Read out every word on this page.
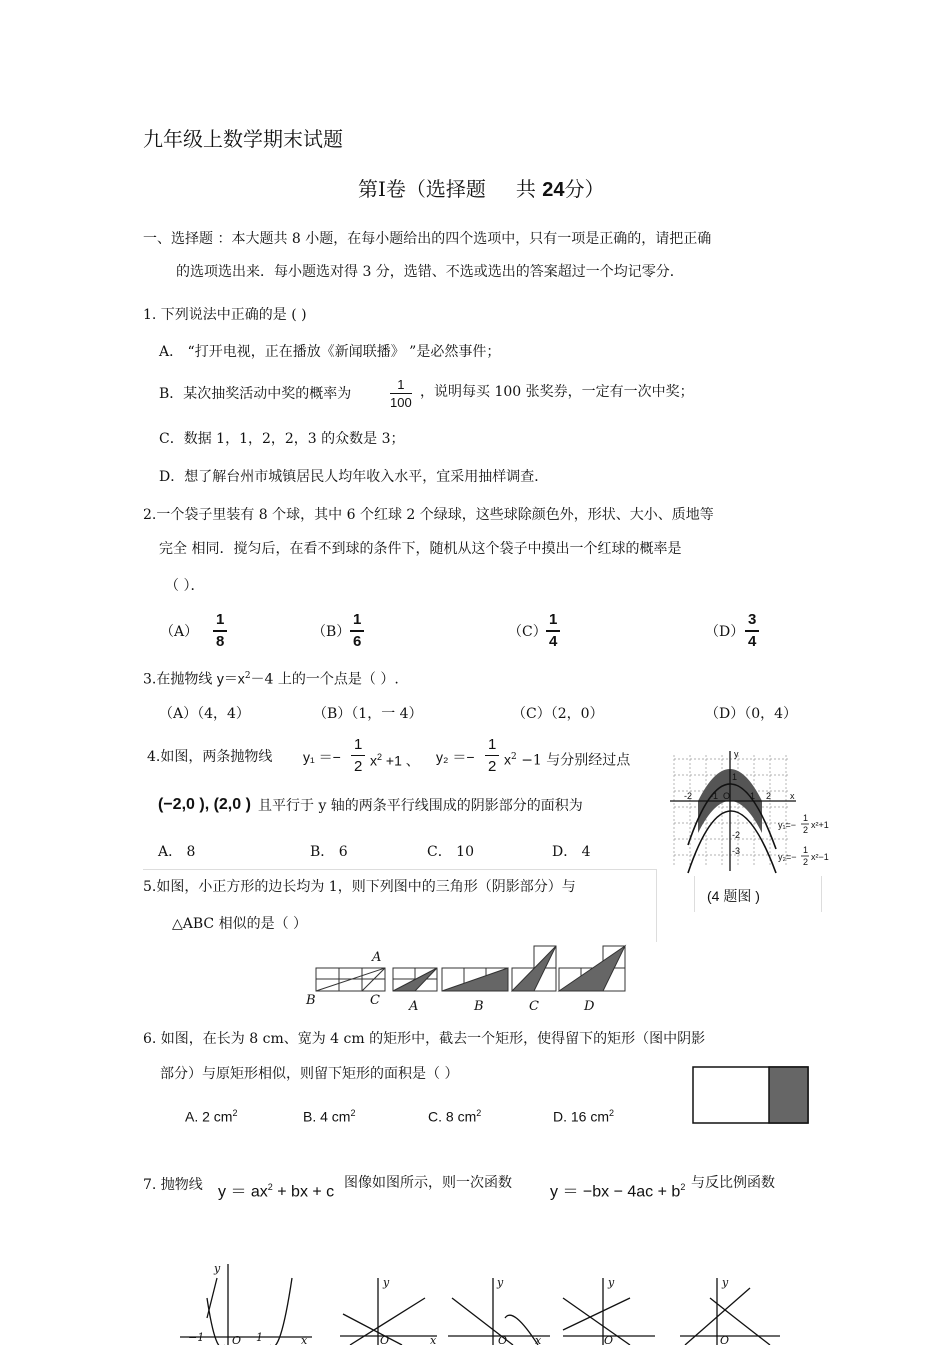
九年级上数学期末试题
第Ⅰ卷（选择题 共 24分）
一、选择题 ：本大题共 8 小题，在每小题给出的四个选项中，只有一项是正确的，请把正确
的选项选出来．每小题选对得 3 分，选错、不选或选出的答案超过一个均记零分．
1. 下列说法中正确的是 ( )
A． “打开电视，正在播放《新闻联播》 ”是必然事件；
B．某次抽奖活动中奖的概率为	$\frac{1}{100}$ ，说明每买 100 张奖券，一定有一次中奖；
C．数据 1，1，2，2，3 的众数是 3；
D．想了解台州市城镇居民人均年收入水平，宜采用抽样调查．
2.一个袋子里装有 8 个球，其中 6 个红球 2 个绿球，这些球除颜色外，形状、大小、质地等
完全 相同．搅匀后，在看不到球的条件下，随机从这个袋子中摸出一个红球的概率是
（ ）．
$(A) \frac{1}{8}$	$(B) \frac{1}{6}$	$(C) \frac{1}{4}$	$(D) \frac{3}{4}$
3.在抛物线 $y=x^2-4$ 上的一个点是（ ）.
（A）（4，4）	（B）（1，一 4）	（C）（2，0）	（D）（0，4）
4.如图，两条抛物线 $y_1 =- \frac{1}{2} x^2 +1$ 、 $y_2 =- \frac{1}{2} x^2 -1$ 与分别经过点
(−2,0 ), (2,0 ) 且平行于 y 轴的两条平行线围成的阴影部分的面积为
A． 8	B． 6	C． 10	D． 4
-2 -1 O 1 2 x
y
1
-2
-3
y₁=−
1
2 x²+1
y₂=−
1
2 x²−1
(4 题图 )
5.如图，小正方形的边长均为 1，则下列图中的三角形（阴影部分）与
△ABC 相似的是（ ）
A
B	C A	B	C	D
6. 如图，在长为 8 cm、宽为 4 cm 的矩形中，截去一个矩形，使得留下的矩形（图中阴影
部分）与原矩形相似，则留下矩形的面积是（ ）
A. 2 $cm^2$	B. 4 $cm^2$	C. 8 $cm^2$	D. 16 $cm^2$
7. 抛物线 $y = ax^2$ + bx + c
图像如图所示，则一次函数
$y = -bx - 4ac + b^2$ 与反比例函数
y
x
−1	O 1
y
x
O
y
x
O
y
O
y
O
